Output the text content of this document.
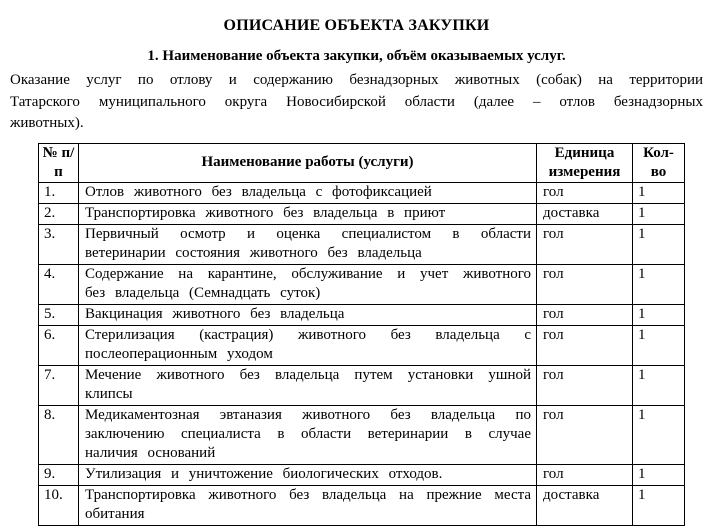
ОПИСАНИЕ ОБЪЕКТА ЗАКУПКИ
1. Наименование объекта закупки, объём оказываемых услуг.

Оказание услуг по отлову и содержанию безнадзорных животных (собак) на территории Татарского муниципального округа Новосибирской области (далее – отлов безнадзорных животных).

№ п/п	Наименование работы (услуги)	Единица измерения	Кол-во
1.	Отлов животного без владельца с фотофиксацией	гол	1
2.	Транспортировка животного без владельца в приют	доставка	1
3.	Первичный осмотр и оценка специалистом в области ветеринарии состояния животного без владельца	гол	1
4.	Содержание на карантине, обслуживание и учет животного без владельца (Семнадцать суток)	гол	1
5.	Вакцинация животного без владельца	гол	1
6.	Стерилизация (кастрация) животного без владельца с послеоперационным уходом	гол	1
7.	Мечение животного без владельца путем установки ушной клипсы	гол	1
8.	Медикаментозная эвтаназия животного без владельца по заключению специалиста в области ветеринарии в случае наличия оснований	гол	1
9.	Утилизация и уничтожение биологических отходов.	гол	1
10.	Транспортировка животного без владельца на прежние места обитания	доставка	1
